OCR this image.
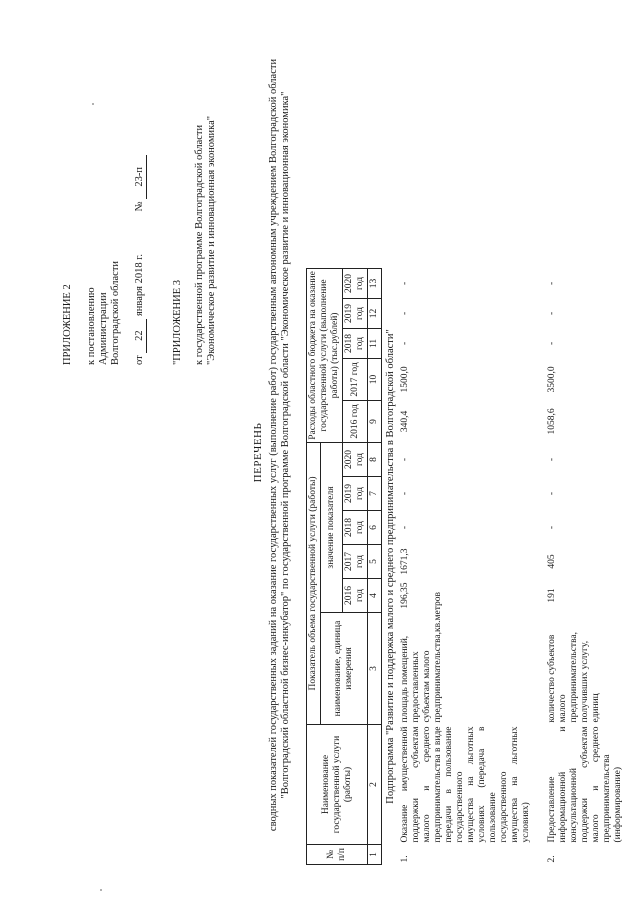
ПРИЛОЖЕНИЕ 2 к постановлению Администрации Волгоградской области от 22 января 2018 г. № 23-п
"ПРИЛОЖЕНИЕ 3 к государственной программе Волгоградской области "Экономическое развитие и инновационная экономика"
ПЕРЕЧЕНЬ сводных показателей государственных заданий на оказание государственных услуг (выполнение работ) государственным автономным учреждением Волгоградской области "Волгоградский областной бизнес-инкубатор" по государственной программе Волгоградской области "Экономическое развитие и инновационная экономика"
№ п/п	Наименование государственной услуги (работы)	Показатель объема государственной услуги (работы)						Расходы областного бюджета на оказание государственной услуги (выполнение работы) (тыс.рублей)					
		наименование, единица измерения	значение показателя										
			2016 год	2017 год	2018 год	2019 год	2020 год	2016 год	2017 год	2018 год	2019 год	2020 год	
1	2	3	4	5	6	7	8	9	10	11	12	13	
Подпрограмма "Развитие и поддержка малого и среднего предпринимательства в Волгоградской области"													
1.	Оказание имущественной поддержки субъектам малого и среднего предпринимательства в виде передачи в пользование государственного имущества на льготных условиях (передача в пользование государственного имущества на льготных условиях)	площадь помещений, предоставленных субъектам малого предпринимательства,кв.метров	196,35	1671,3	-	-	-	340,4	1500,0	-	-	-	
2.	Предоставление информационной и консультационной поддержки субъектам малого и среднего предпринимательства (информирование)	количество субъектов малого предпринимательства, получивших услугу, единиц	191	405	-	-	-	1058,6	3500,0	-	-	-	
